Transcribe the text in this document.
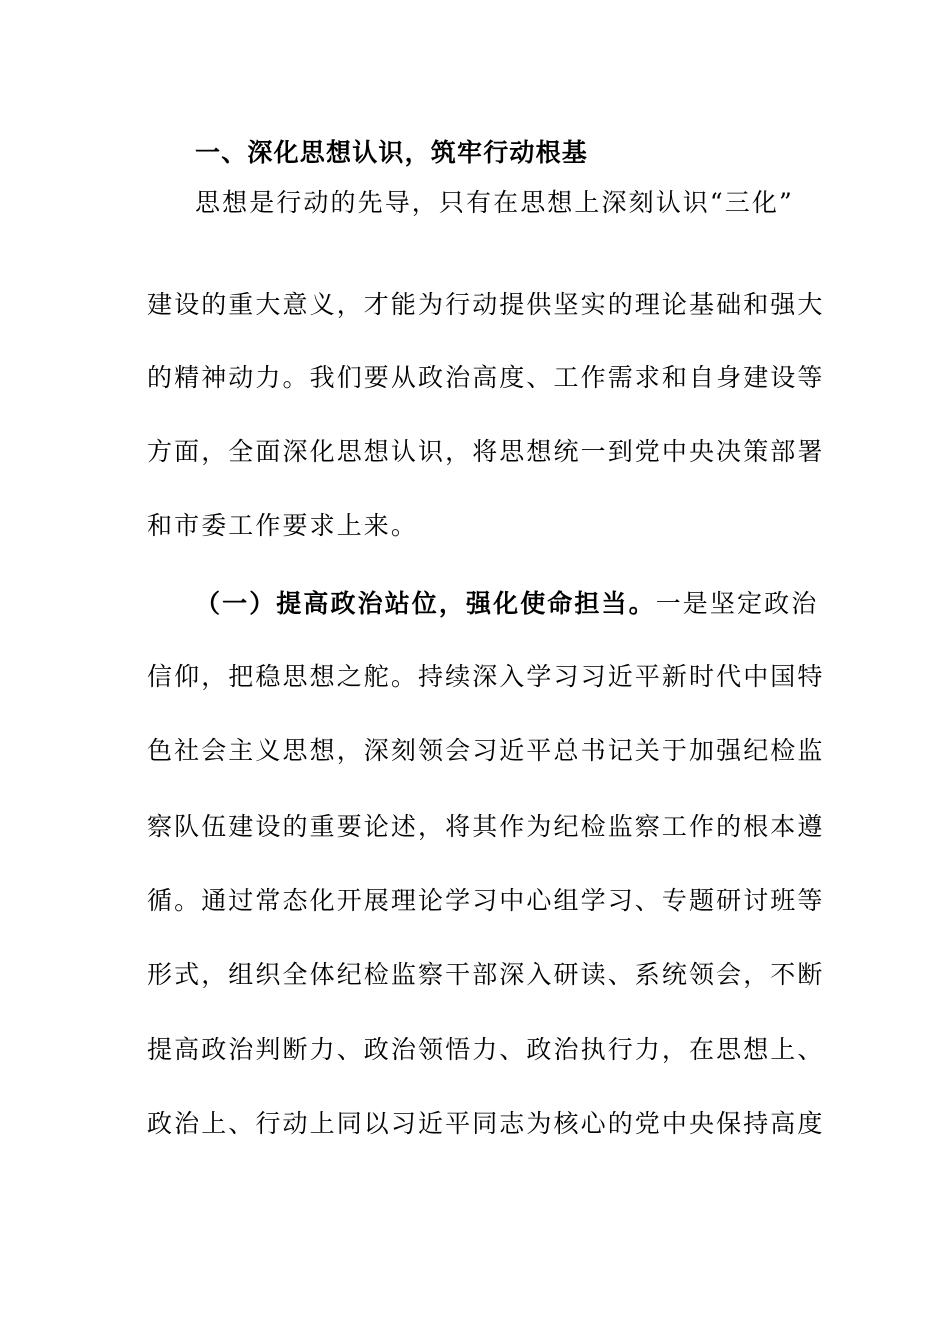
一、深化思想认识，筑牢行动根基
思想是行动的先导，只有在思想上深刻认识“三化”
建设的重大意义，才能为行动提供坚实的理论基础和强大
的精神动力。我们要从政治高度、工作需求和自身建设等
方面，全面深化思想认识，将思想统一到党中央决策部署
和市委工作要求上来。
（一）提高政治站位，强化使命担当。一是坚定政治
信仰，把稳思想之舵。持续深入学习习近平新时代中国特
色社会主义思想，深刻领会习近平总书记关于加强纪检监
察队伍建设的重要论述，将其作为纪检监察工作的根本遵
循。通过常态化开展理论学习中心组学习、专题研讨班等
形式，组织全体纪检监察干部深入研读、系统领会，不断
提高政治判断力、政治领悟力、政治执行力，在思想上、
政治上、行动上同以习近平同志为核心的党中央保持高度
